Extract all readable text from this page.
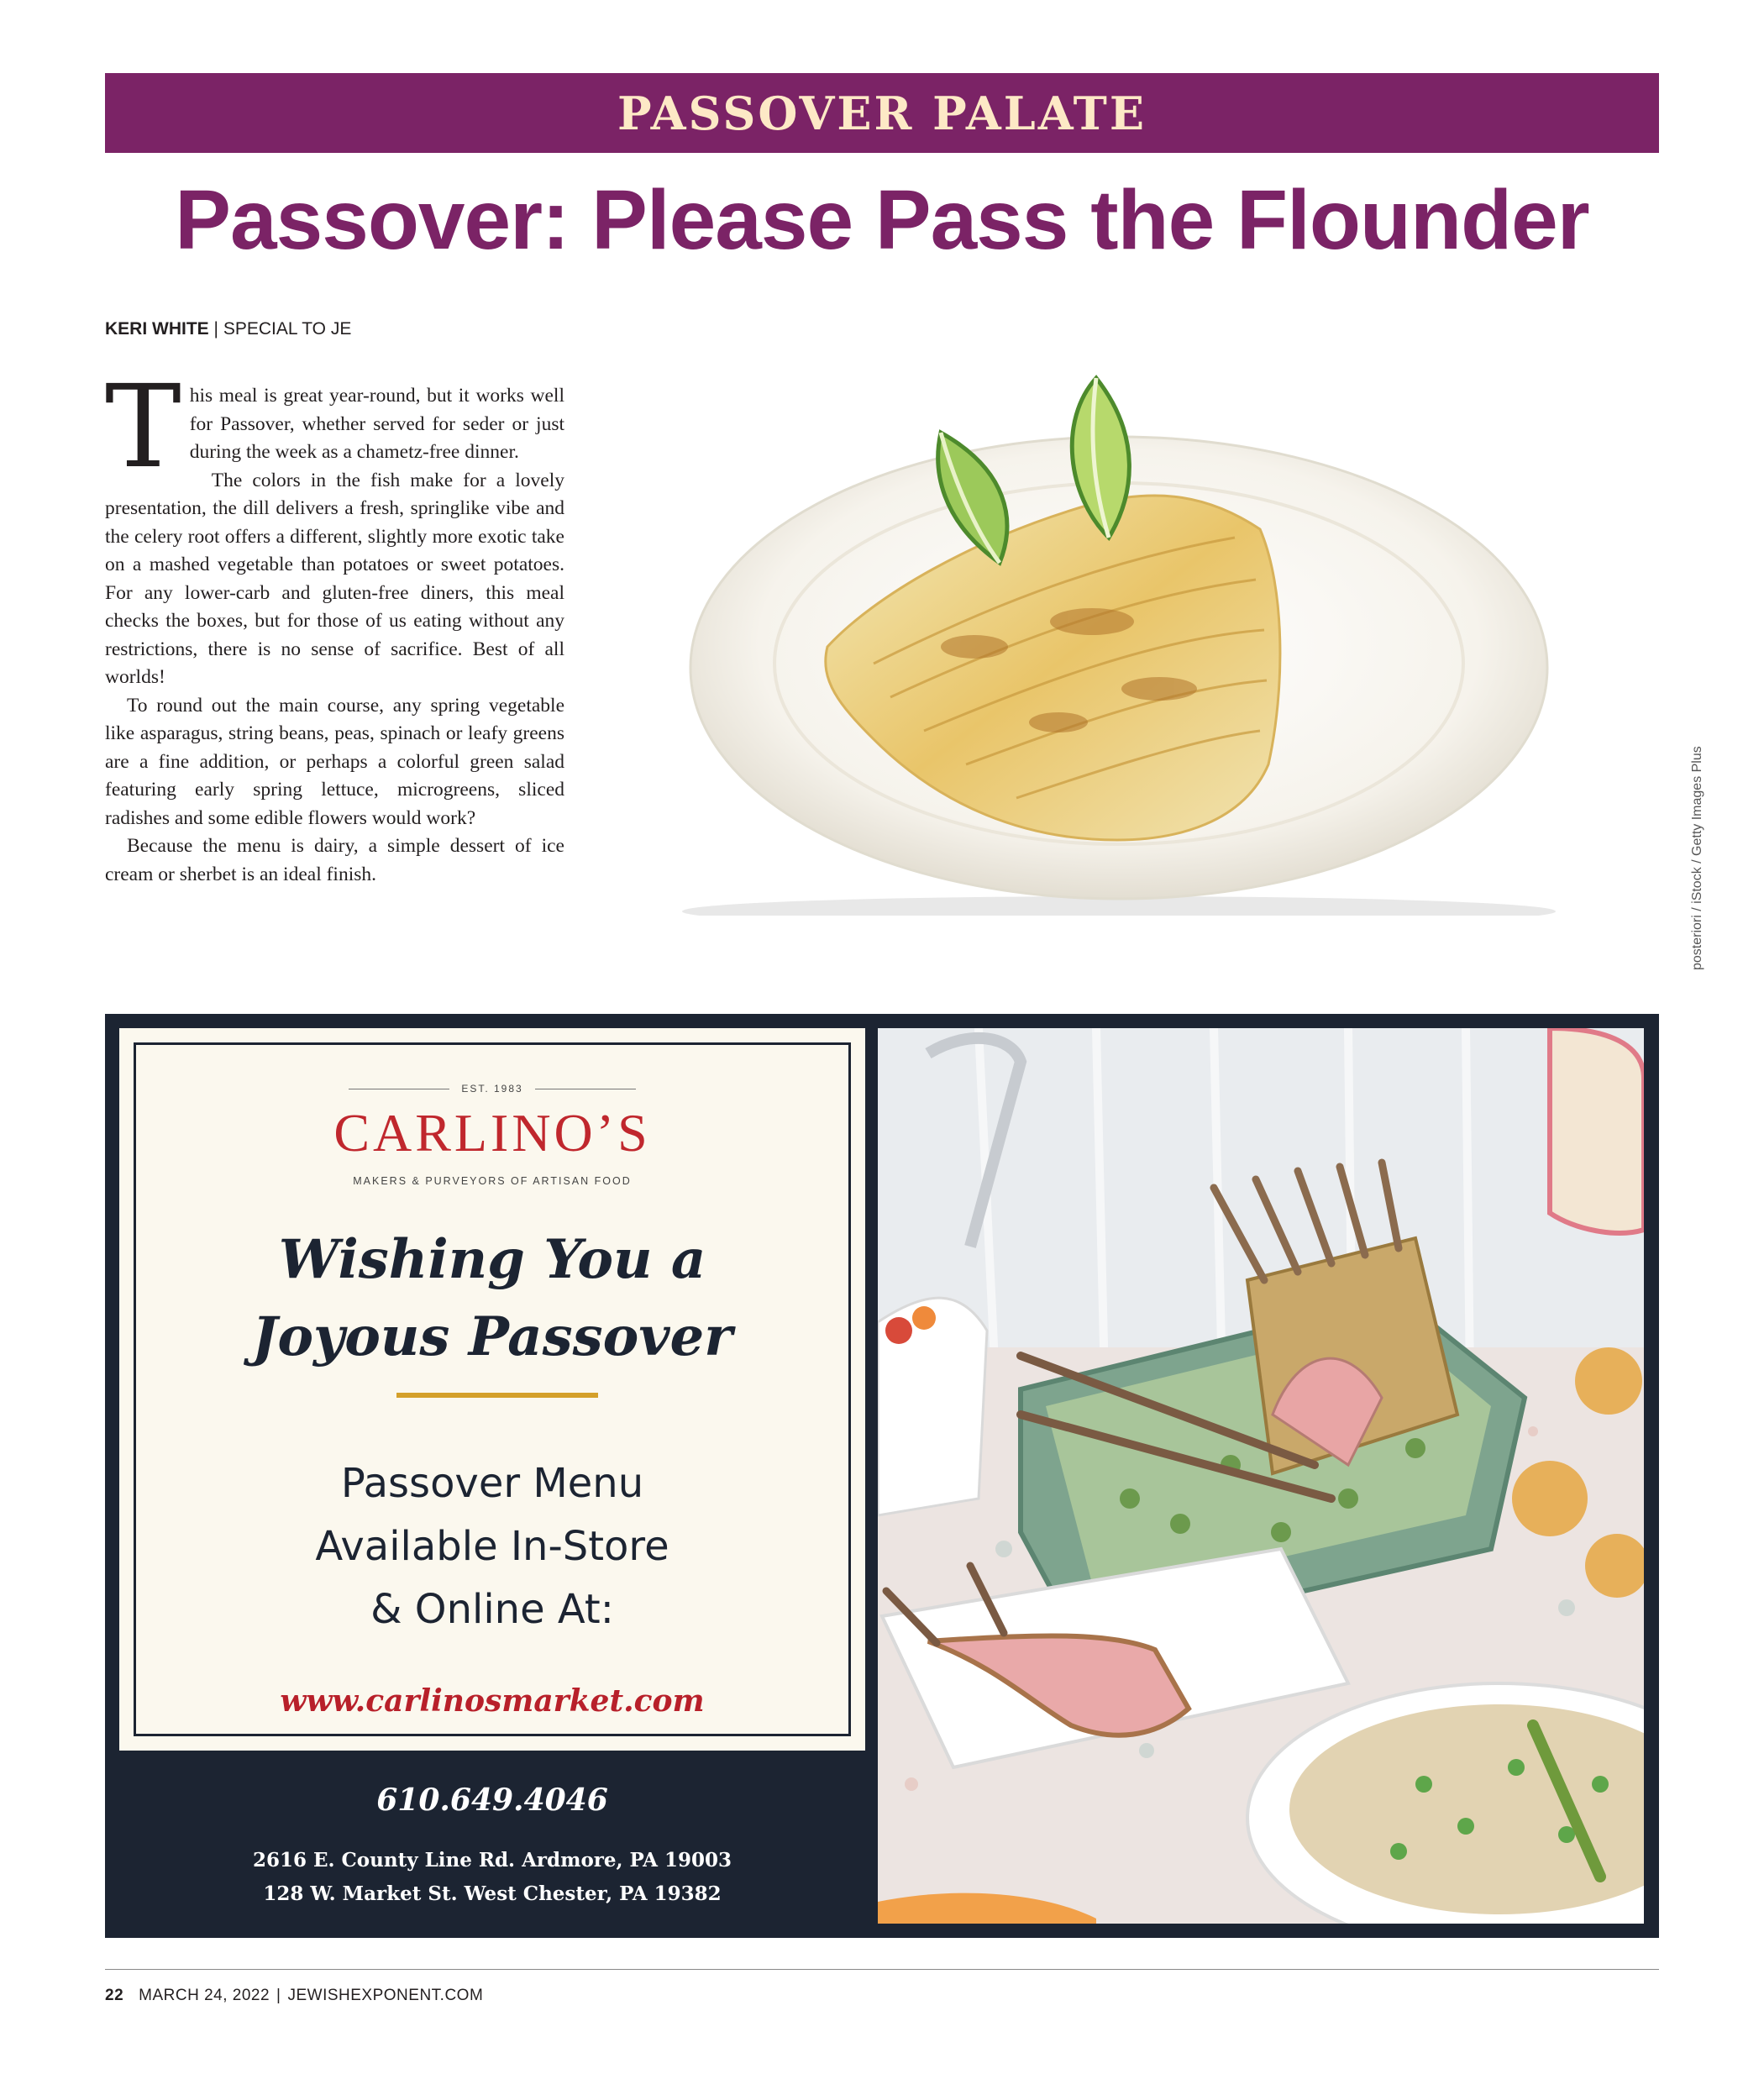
PASSOVER PALATE
Passover: Please Pass the Flounder
KERI WHITE | SPECIAL TO JE

This meal is great year-round, but it works well for Passover, whether served for seder or just during the week as a chametz-free dinner.

The colors in the fish make for a lovely presentation, the dill delivers a fresh, springlike vibe and the celery root offers a different, slightly more exotic take on a mashed vegetable than potatoes or sweet potatoes. For any lower-carb and gluten-free diners, this meal checks the boxes, but for those of us eating without any restrictions, there is no sense of sacrifice. Best of all worlds!

To round out the main course, any spring vegetable like asparagus, string beans, peas, spinach or leafy greens are a fine addition, or perhaps a colorful green salad featuring early spring lettuce, microgreens, sliced radishes and some edible flowers would work?

Because the menu is dairy, a simple dessert of ice cream or sherbet is an ideal finish.	posteriori / iStock / Getty Images Plus
EST. 1983
CARLINO’S
MAKERS & PURVEYORS OF ARTISAN FOOD
Wishing You a
Joyous Passover
Passover Menu
Available In-Store
& Online At:
www.carlinosmarket.com
610.649.4046
2616 E. County Line Rd. Ardmore, PA 19003
128 W. Market St. West Chester, PA 19382
22 MARCH 24, 2022 | JEWISHEXPONENT.COM
